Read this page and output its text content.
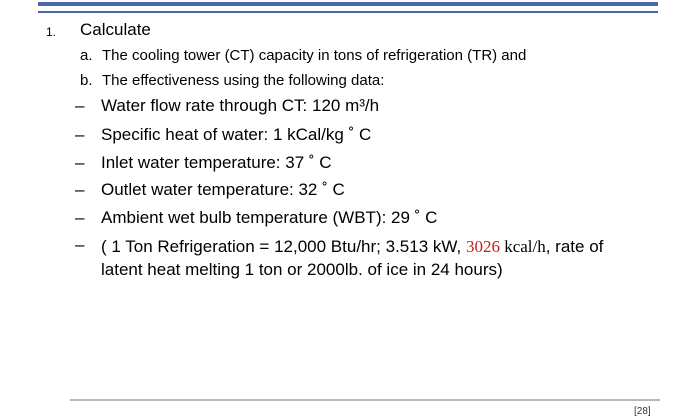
1. Calculate
a. The cooling tower (CT) capacity in tons of refrigeration (TR) and
b. The effectiveness using the following data:
– Water flow rate through CT: 120 m³/h
– Specific heat of water: 1 kCal/kg ˚ C
– Inlet water temperature: 37 ˚ C
– Outlet water temperature: 32 ˚ C
– Ambient wet bulb temperature (WBT): 29 ˚ C
– ( 1 Ton Refrigeration = 12,000 Btu/hr; 3.513 kW, 3026 kcal/h, rate of
latent heat melting 1 ton or 2000lb. of ice in 24 hours)
[28]
